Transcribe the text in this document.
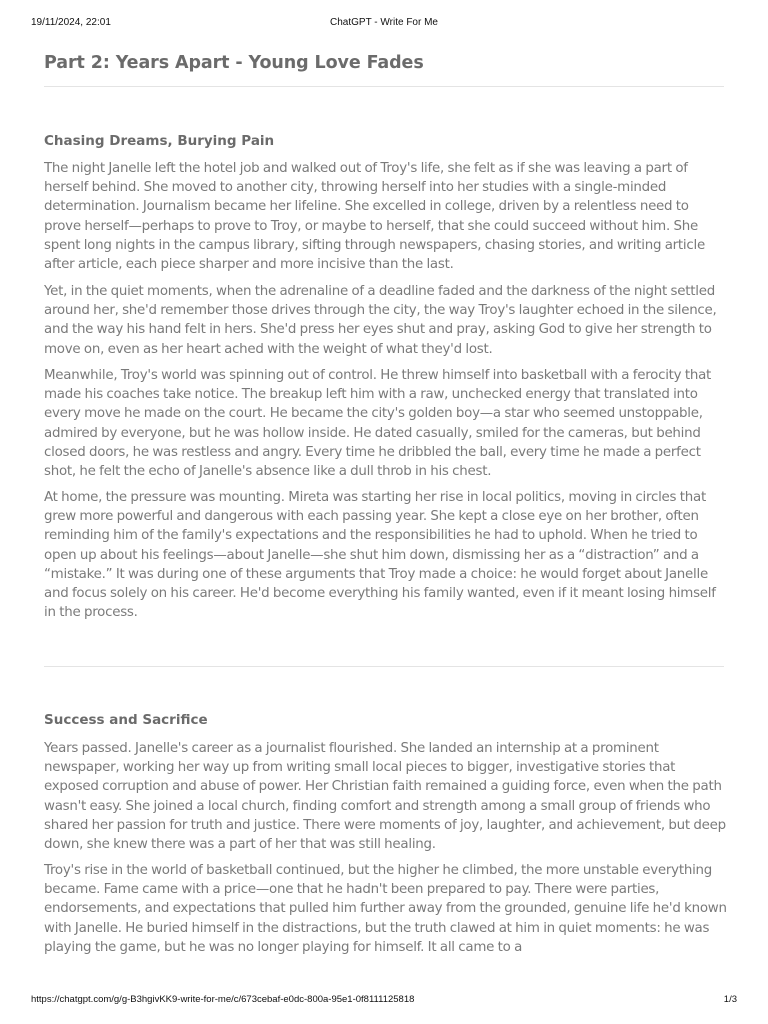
19/11/2024, 22:01	ChatGPT - Write For Me
Part 2: Years Apart - Young Love Fades
Chasing Dreams, Burying Pain

The night Janelle left the hotel job and walked out of Troy's life, she felt as if she was leaving a part of herself behind. She moved to another city, throwing herself into her studies with a single-minded determination. Journalism became her lifeline. She excelled in college, driven by a relentless need to prove herself—perhaps to prove to Troy, or maybe to herself, that she could succeed without him. She spent long nights in the campus library, sifting through newspapers, chasing stories, and writing article after article, each piece sharper and more incisive than the last.

Yet, in the quiet moments, when the adrenaline of a deadline faded and the darkness of the night settled around her, she'd remember those drives through the city, the way Troy's laughter echoed in the silence, and the way his hand felt in hers. She'd press her eyes shut and pray, asking God to give her strength to move on, even as her heart ached with the weight of what they'd lost.

Meanwhile, Troy's world was spinning out of control. He threw himself into basketball with a ferocity that made his coaches take notice. The breakup left him with a raw, unchecked energy that translated into every move he made on the court. He became the city's golden boy—a star who seemed unstoppable, admired by everyone, but he was hollow inside. He dated casually, smiled for the cameras, but behind closed doors, he was restless and angry. Every time he dribbled the ball, every time he made a perfect shot, he felt the echo of Janelle's absence like a dull throb in his chest.

At home, the pressure was mounting. Mireta was starting her rise in local politics, moving in circles that grew more powerful and dangerous with each passing year. She kept a close eye on her brother, often reminding him of the family's expectations and the responsibilities he had to uphold. When he tried to open up about his feelings—about Janelle—she shut him down, dismissing her as a “distraction” and a “mistake.” It was during one of these arguments that Troy made a choice: he would forget about Janelle and focus solely on his career. He'd become everything his family wanted, even if it meant losing himself in the process.

Success and Sacrifice

Years passed. Janelle's career as a journalist flourished. She landed an internship at a prominent newspaper, working her way up from writing small local pieces to bigger, investigative stories that exposed corruption and abuse of power. Her Christian faith remained a guiding force, even when the path wasn't easy. She joined a local church, finding comfort and strength among a small group of friends who shared her passion for truth and justice. There were moments of joy, laughter, and achievement, but deep down, she knew there was a part of her that was still healing.

Troy's rise in the world of basketball continued, but the higher he climbed, the more unstable everything became. Fame came with a price—one that he hadn't been prepared to pay. There were parties, endorsements, and expectations that pulled him further away from the grounded, genuine life he'd known with Janelle. He buried himself in the distractions, but the truth clawed at him in quiet moments: he was playing the game, but he was no longer playing for himself. It all came to a

https://chatgpt.com/g/g-B3hgivKK9-write-for-me/c/673cebaf-e0dc-800a-95e1-0f8111125818	1/3
